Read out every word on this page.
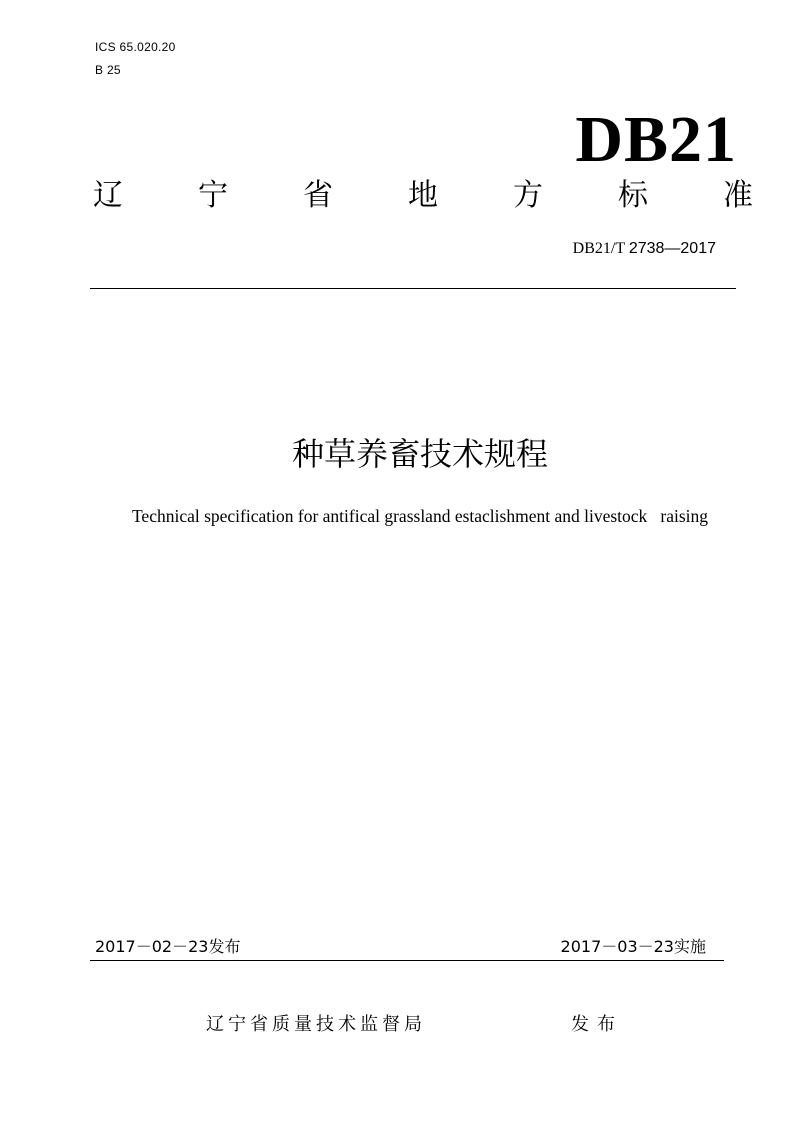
ICS 65.020.20
B 25
DB21
辽	宁	省	地	方	标	准
DB21/T 2738—2017
种草养畜技术规程
Technical specification for antifical grassland estaclishment and livestock   raising
2017－02－23发布	2017－03－23实施
辽宁省质量技术监督局	发布
